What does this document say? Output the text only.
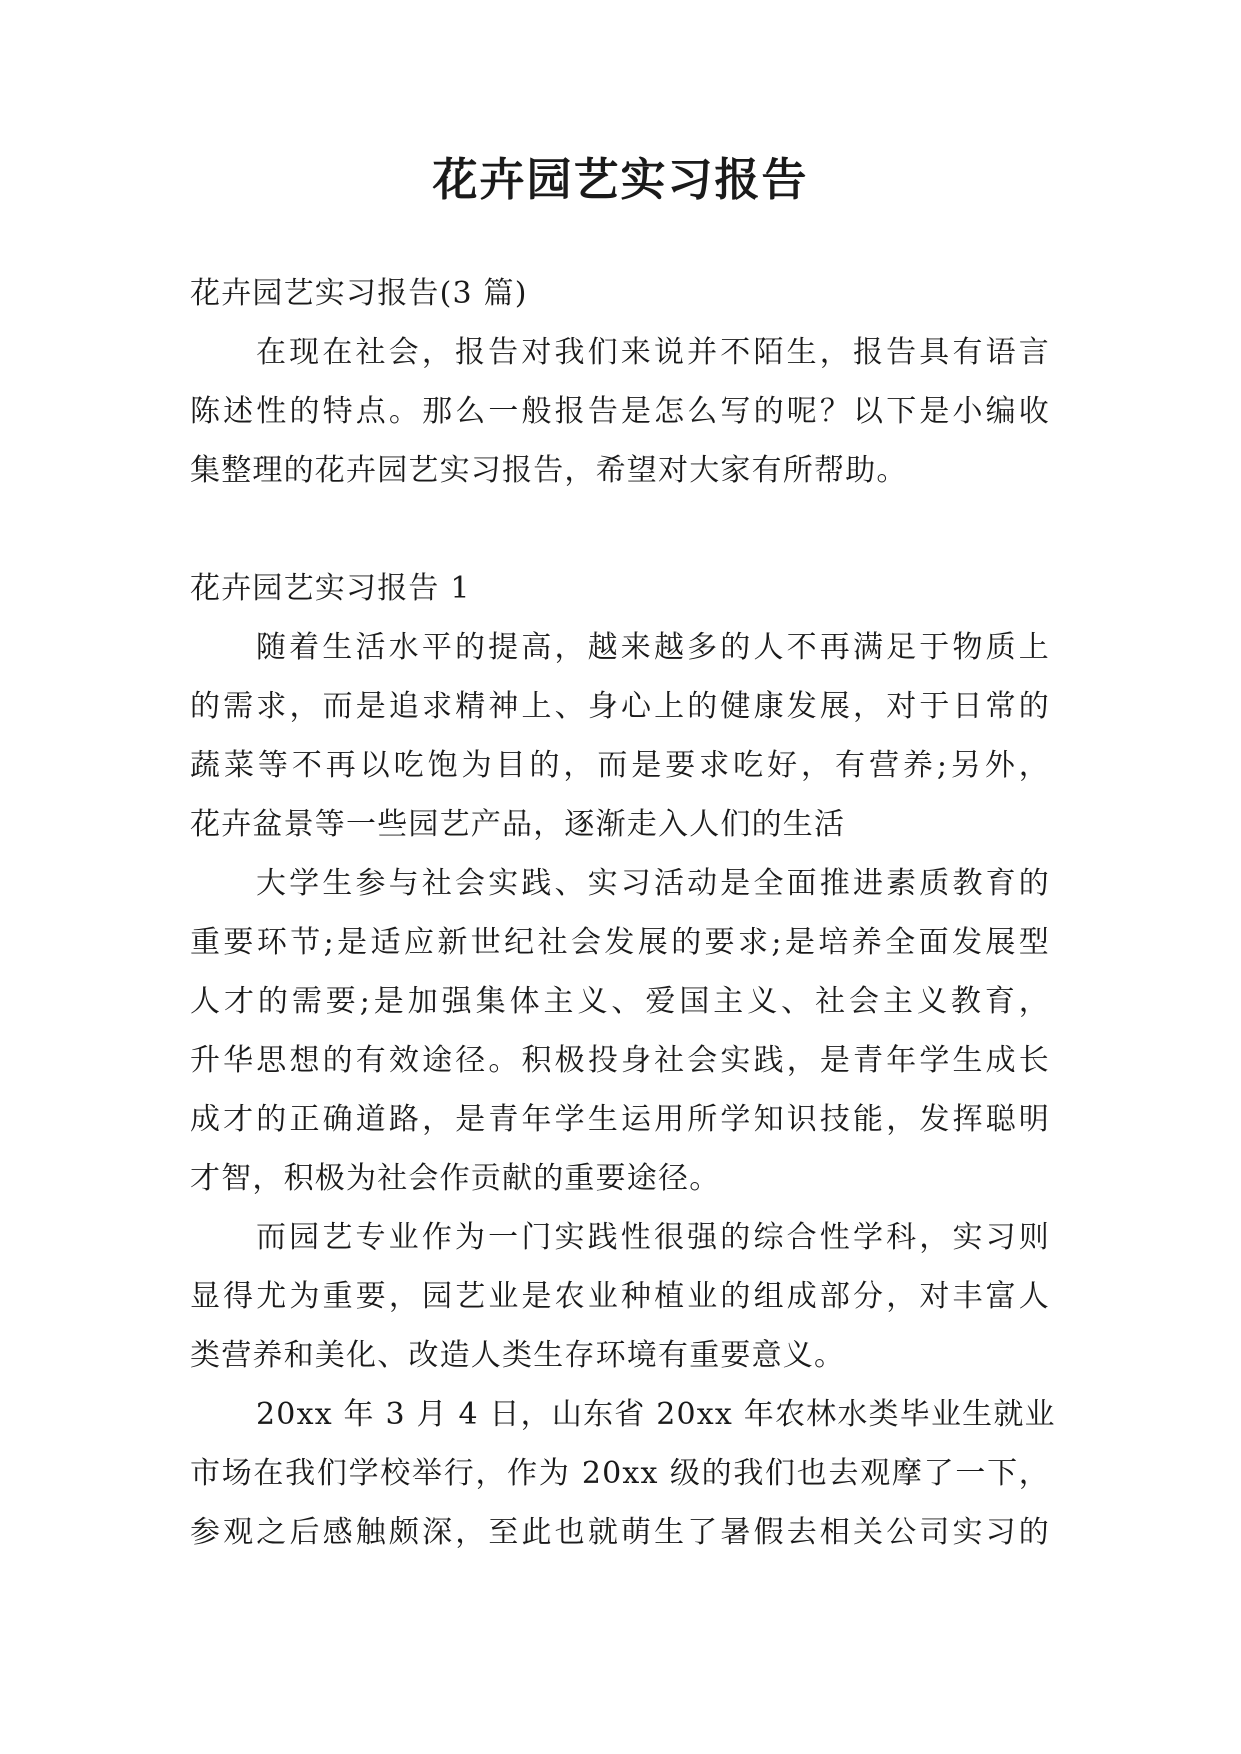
花卉园艺实习报告
花卉园艺实习报告(3 篇)
在现在社会，报告对我们来说并不陌生，报告具有语言
陈述性的特点。那么一般报告是怎么写的呢？以下是小编收
集整理的花卉园艺实习报告，希望对大家有所帮助。
花卉园艺实习报告 1
随着生活水平的提高，越来越多的人不再满足于物质上
的需求，而是追求精神上、身心上的健康发展，对于日常的
蔬菜等不再以吃饱为目的，而是要求吃好，有营养;另外，
花卉盆景等一些园艺产品，逐渐走入人们的生活
大学生参与社会实践、实习活动是全面推进素质教育的
重要环节;是适应新世纪社会发展的要求;是培养全面发展型
人才的需要;是加强集体主义、爱国主义、社会主义教育，
升华思想的有效途径。积极投身社会实践，是青年学生成长
成才的正确道路，是青年学生运用所学知识技能，发挥聪明
才智，积极为社会作贡献的重要途径。
而园艺专业作为一门实践性很强的综合性学科，实习则
显得尤为重要，园艺业是农业种植业的组成部分，对丰富人
类营养和美化、改造人类生存环境有重要意义。
20xx 年 3 月 4 日，山东省 20xx 年农林水类毕业生就业
市场在我们学校举行，作为 20xx 级的我们也去观摩了一下，
参观之后感触颇深，至此也就萌生了暑假去相关公司实习的
